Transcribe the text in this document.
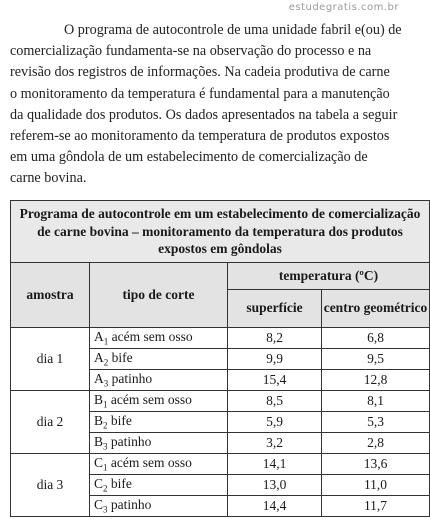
estudegratis.com.br
O programa de autocontrole de uma unidade fabril e(ou) de
comercialização fundamenta-se na observação do processo e na
revisão dos registros de informações. Na cadeia produtiva de carne
o monitoramento da temperatura é fundamental para a manutenção
da qualidade dos produtos. Os dados apresentados na tabela a seguir
referem-se ao monitoramento da temperatura de produtos expostos
em uma gôndola de um estabelecimento de comercialização de
carne bovina.
Programa de autocontrole em um estabelecimento de comercialização de carne bovina – monitoramento da temperatura dos produtos expostos em gôndolas			
amostra	tipo de corte	temperatura (ºC)	
		superfície	centro geométrico
dia 1	$A_1$ acém sem osso	8,2	6,8
	$A_2$ bife	9,9	9,5
	$A_3$ patinho	15,4	12,8
dia 2	$B_1$ acém sem osso	8,5	8,1
	$B_2$ bife	5,9	5,3
	$B_3$ patinho	3,2	2,8
dia 3	$C_1$ acém sem osso	14,1	13,6
	$C_2$ bife	13,0	11,0
	$C_3$ patinho	14,4	11,7
